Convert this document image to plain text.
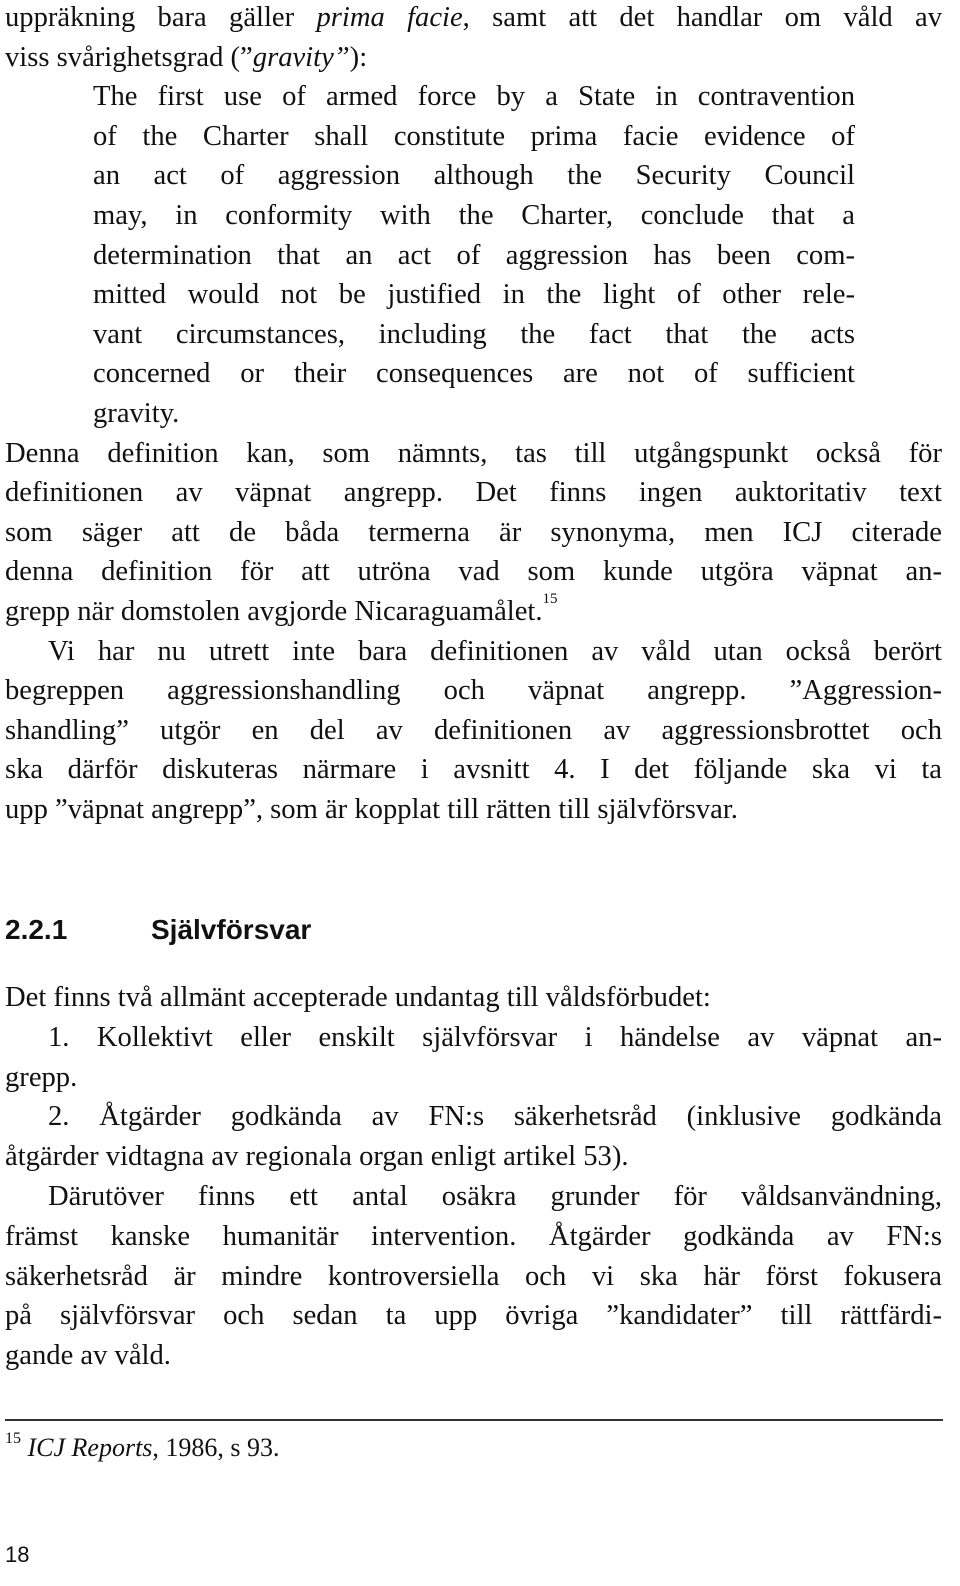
uppräkning bara gäller prima facie, samt att det handlar om våld av
viss svårighetsgrad (”gravity”):
The first use of armed force by a State in contravention
of the Charter shall constitute prima facie evidence of
an act of aggression although the Security Council
may, in conformity with the Charter, conclude that a
determination that an act of aggression has been com-
mitted would not be justified in the light of other rele-
vant circumstances, including the fact that the acts
concerned or their consequences are not of sufficient
gravity.
Denna definition kan, som nämnts, tas till utgångspunkt också för
definitionen av väpnat angrepp. Det finns ingen auktoritativ text
som säger att de båda termerna är synonyma, men ICJ citerade
denna definition för att utröna vad som kunde utgöra väpnat an-
grepp när domstolen avgjorde Nicaraguamålet.$^{15}$
Vi har nu utrett inte bara definitionen av våld utan också berört
begreppen aggressionshandling och väpnat angrepp. ”Aggression-
shandling” utgör en del av definitionen av aggressionsbrottet och
ska därför diskuteras närmare i avsnitt 4. I det följande ska vi ta
upp ”väpnat angrepp”, som är kopplat till rätten till självförsvar.
Det finns två allmänt accepterade undantag till våldsförbudet:
1. Kollektivt eller enskilt självförsvar i händelse av väpnat an-
grepp.
2. Åtgärder godkända av FN:s säkerhetsråd (inklusive godkända
åtgärder vidtagna av regionala organ enligt artikel 53).
Därutöver finns ett antal osäkra grunder för våldsanvändning,
främst kanske humanitär intervention. Åtgärder godkända av FN:s
säkerhetsråd är mindre kontroversiella och vi ska här först fokusera
på självförsvar och sedan ta upp övriga ”kandidater” till rättfärdi-
gande av våld.
2.2.1	Självförsvar
$^{15}$ ICJ Reports, 1986, s 93.
18
